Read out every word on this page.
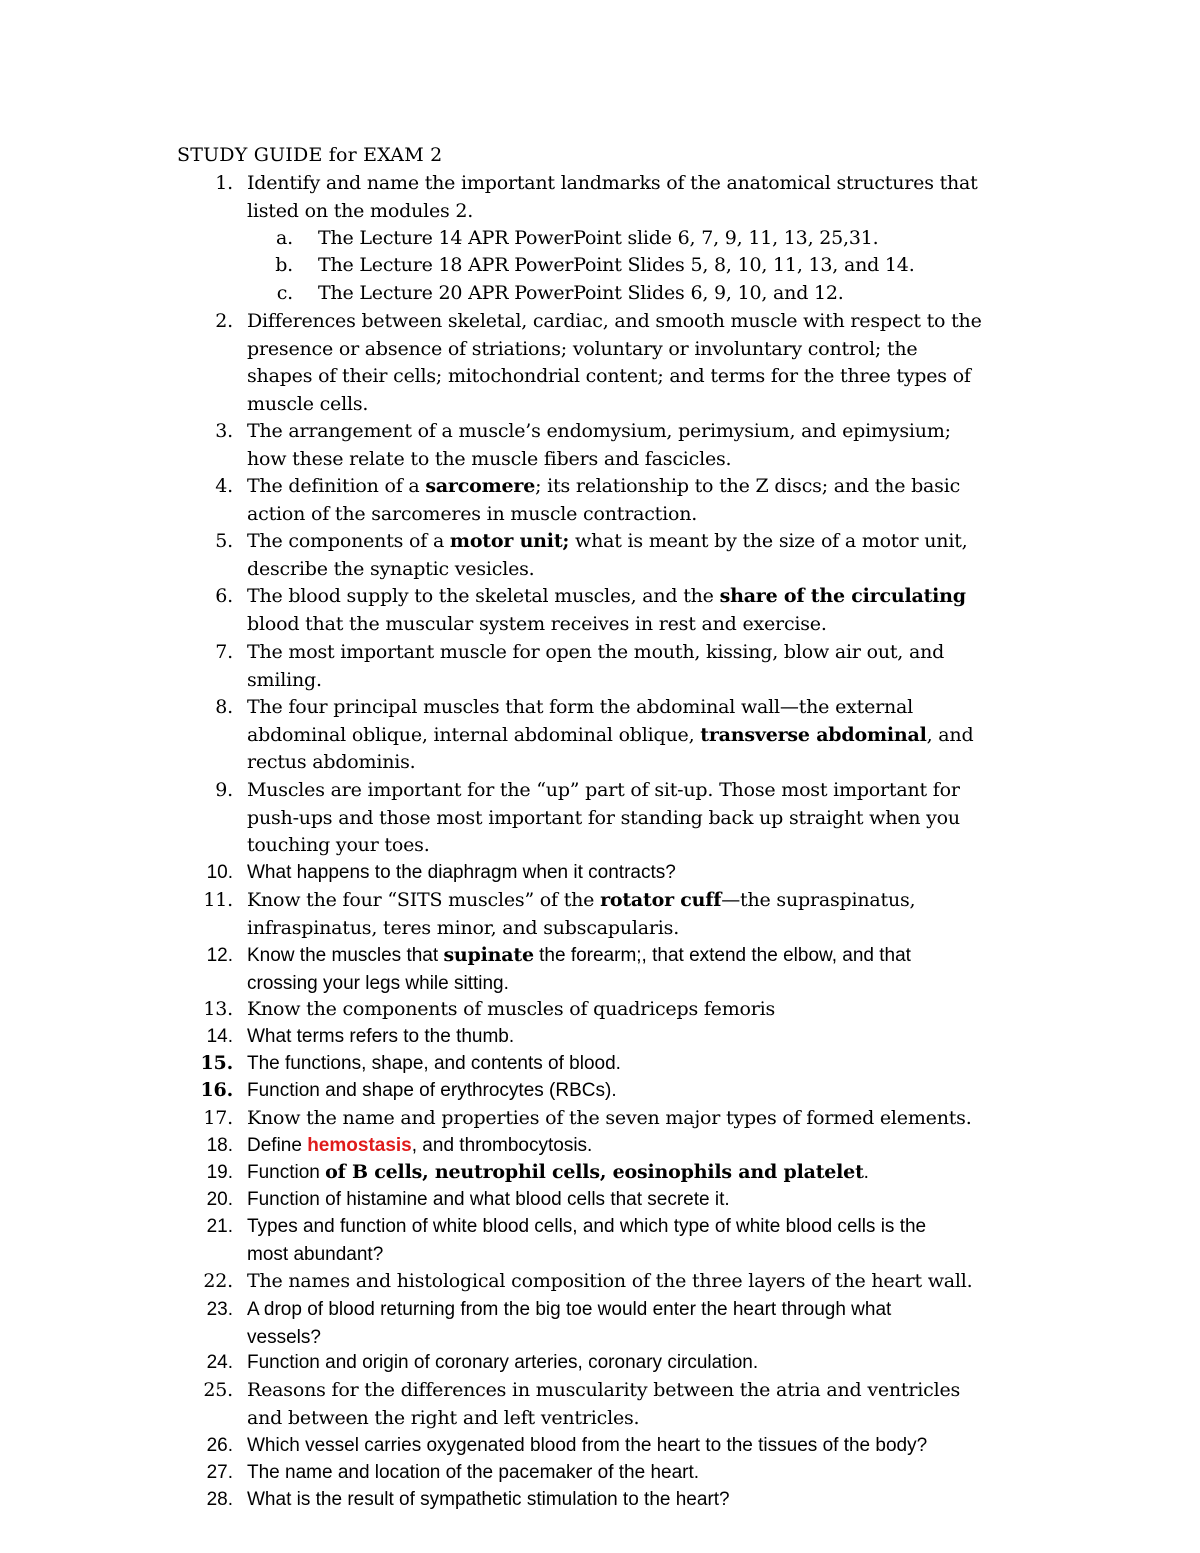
STUDY GUIDE for EXAM 2
1. Identify and name the important landmarks of the anatomical structures that
listed on the modules 2.
a. The Lecture 14 APR PowerPoint slide 6, 7, 9, 11, 13, 25,31.
b. The Lecture 18 APR PowerPoint Slides 5, 8, 10, 11, 13, and 14.
c. The Lecture 20 APR PowerPoint Slides 6, 9, 10, and 12.
2. Differences between skeletal, cardiac, and smooth muscle with respect to the
presence or absence of striations; voluntary or involuntary control; the
shapes of their cells; mitochondrial content; and terms for the three types of
muscle cells.
3. The arrangement of a muscle’s endomysium, perimysium, and epimysium;
how these relate to the muscle fibers and fascicles.
4. The definition of a sarcomere; its relationship to the Z discs; and the basic
action of the sarcomeres in muscle contraction.
5. The components of a motor unit; what is meant by the size of a motor unit,
describe the synaptic vesicles.
6. The blood supply to the skeletal muscles, and the share of the circulating
blood that the muscular system receives in rest and exercise.
7. The most important muscle for open the mouth, kissing, blow air out, and
smiling.
8. The four principal muscles that form the abdominal wall—the external
abdominal oblique, internal abdominal oblique, transverse abdominal, and
rectus abdominis.
9. Muscles are important for the “up” part of sit-up. Those most important for
push-ups and those most important for standing back up straight when you
touching your toes.
10. What happens to the diaphragm when it contracts?
11. Know the four “SITS muscles” of the rotator cuff—the supraspinatus,
infraspinatus, teres minor, and subscapularis.
12. Know the muscles that supinate the forearm;, that extend the elbow, and that
crossing your legs while sitting.
13. Know the components of muscles of quadriceps femoris
14. What terms refers to the thumb.
15. The functions, shape, and contents of blood.
16. Function and shape of erythrocytes (RBCs).
17. Know the name and properties of the seven major types of formed elements.
18. Define hemostasis, and thrombocytosis.
19. Function of B cells, neutrophil cells, eosinophils and platelet.
20. Function of histamine and what blood cells that secrete it.
21. Types and function of white blood cells, and which type of white blood cells is the
most abundant?
22. The names and histological composition of the three layers of the heart wall.
23. A drop of blood returning from the big toe would enter the heart through what
vessels?
24. Function and origin of coronary arteries, coronary circulation.
25. Reasons for the differences in muscularity between the atria and ventricles
and between the right and left ventricles.
26. Which vessel carries oxygenated blood from the heart to the tissues of the body?
27. The name and location of the pacemaker of the heart.
28. What is the result of sympathetic stimulation to the heart?
